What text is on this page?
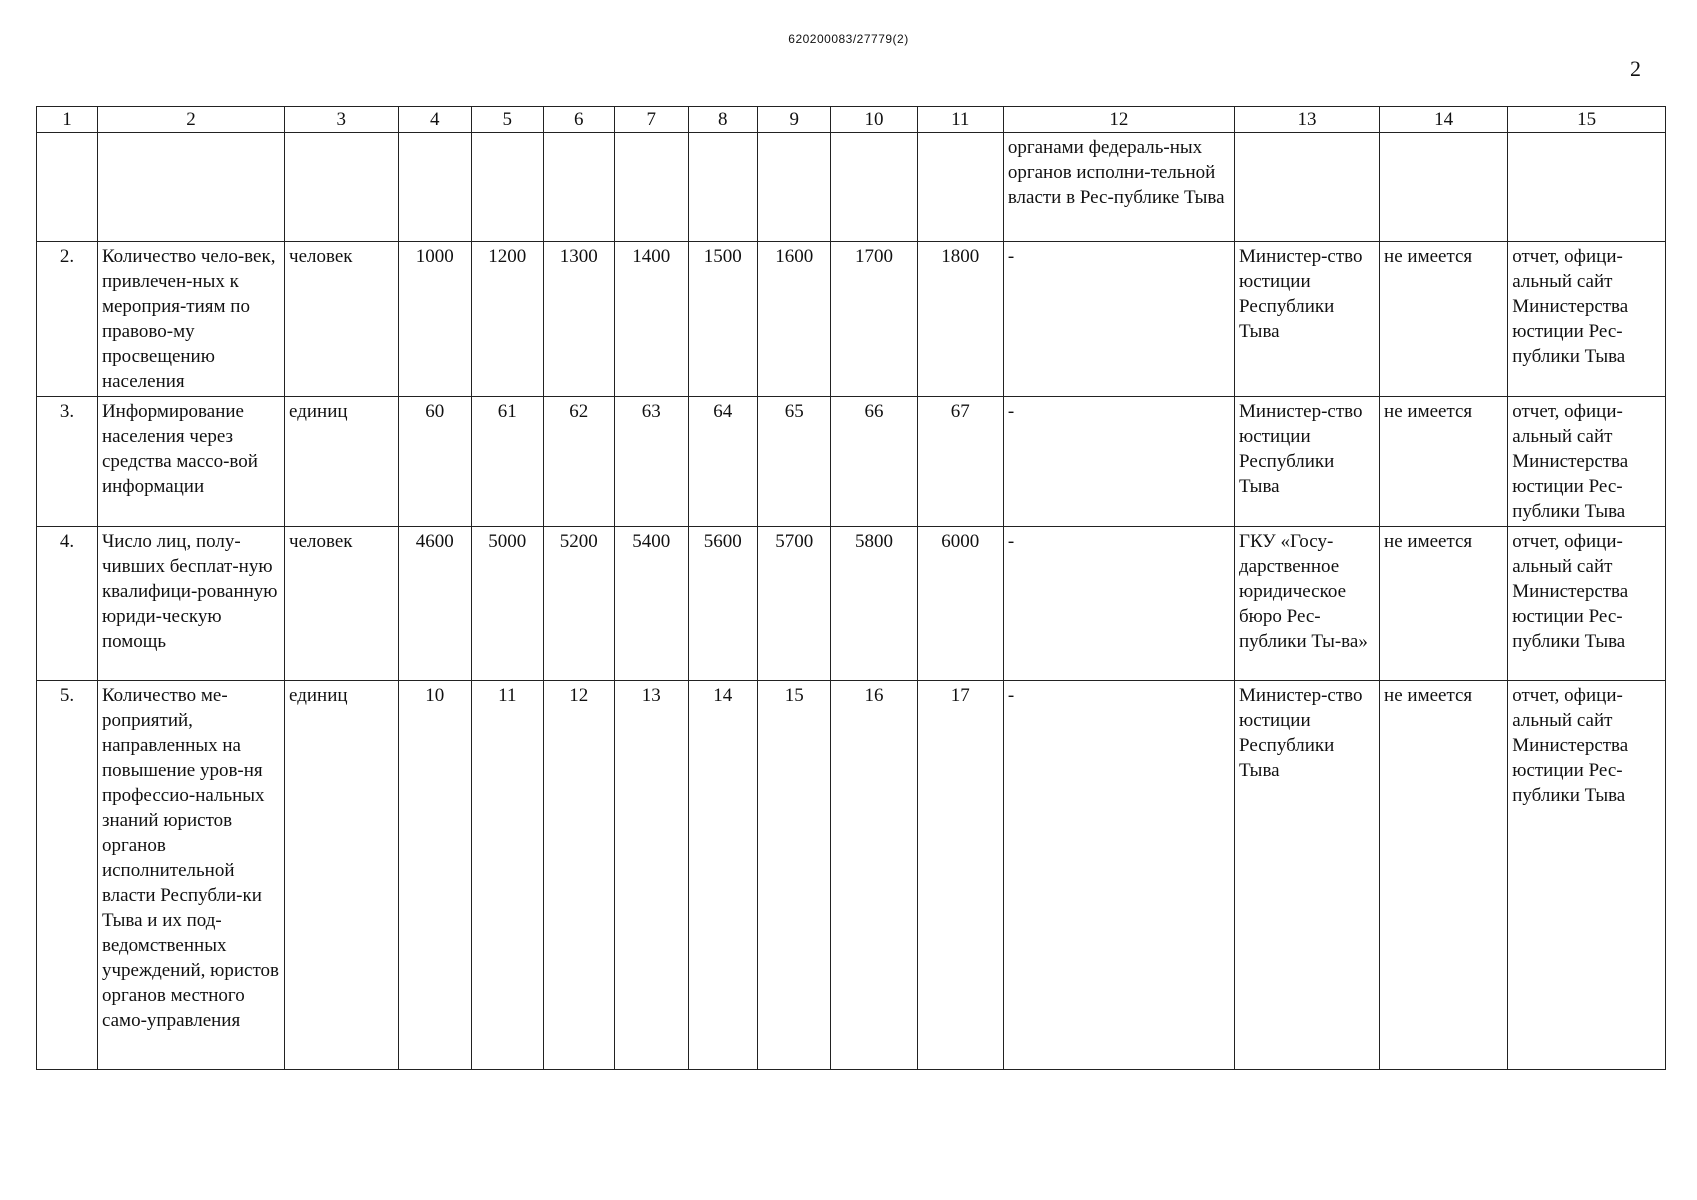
620200083/27779(2)
2
1	2	3	4	5	6	7	8	9	10	11	12	13	14	15
											органами федераль-ных органов исполни-тельной власти в Рес-публике Тыва			
2.	Количество чело-век, привлечен-ных к мероприя-тиям по правово-му просвещению населения	человек	1000	1200	1300	1400	1500	1600	1700	1800	-	Министер-ство юстиции Республики Тыва	не имеется	отчет, офици-альный сайт Министерства юстиции Рес-публики Тыва
3.	Информирование населения через средства массо-вой информации	единиц	60	61	62	63	64	65	66	67	-	Министер-ство юстиции Республики Тыва	не имеется	отчет, офици-альный сайт Министерства юстиции Рес-публики Тыва
4.	Число лиц, полу-чивших бесплат-ную квалифици-рованную юриди-ческую помощь	человек	4600	5000	5200	5400	5600	5700	5800	6000	-	ГКУ «Госу-дарственное юридическое бюро Рес-публики Ты-ва»	не имеется	отчет, офици-альный сайт Министерства юстиции Рес-публики Тыва
5.	Количество ме-роприятий, направленных на повышение уров-ня профессио-нальных знаний юристов органов исполнительной власти Республи-ки Тыва и их под-ведомственных учреждений, юристов органов местного само-управления	единиц	10	11	12	13	14	15	16	17	-	Министер-ство юстиции Республики Тыва	не имеется	отчет, офици-альный сайт Министерства юстиции Рес-публики Тыва
